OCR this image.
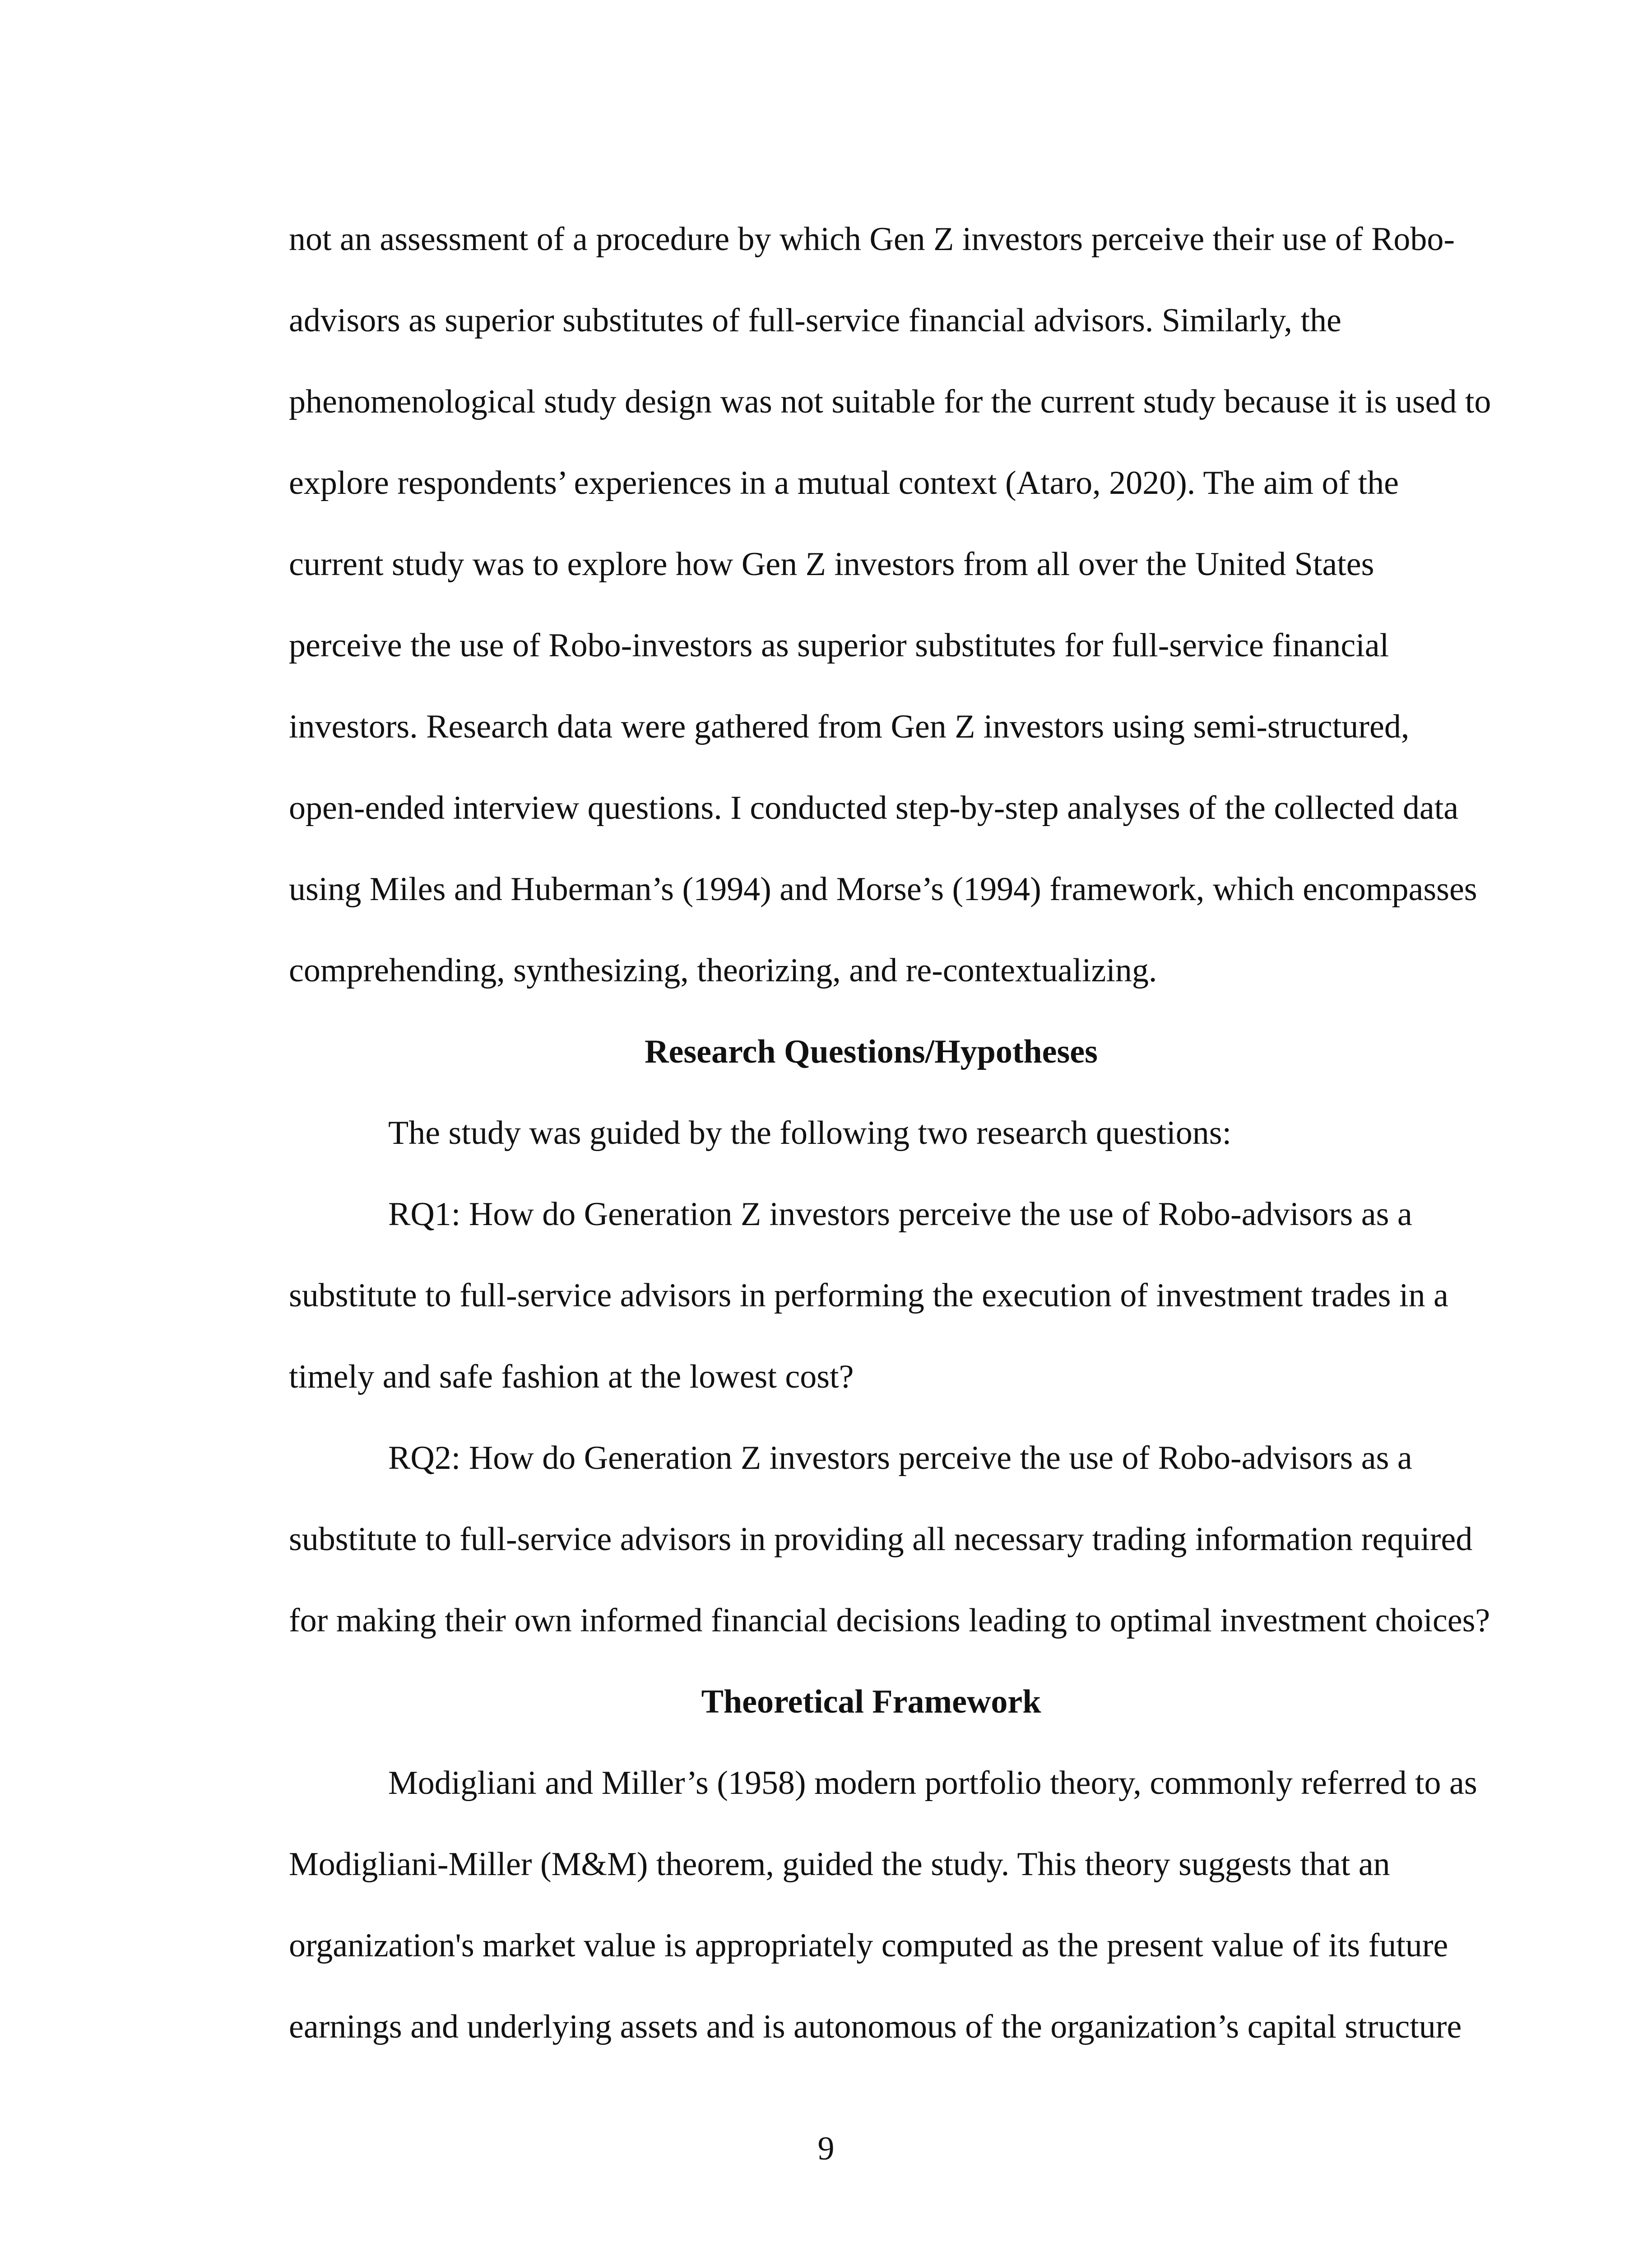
not an assessment of a procedure by which Gen Z investors perceive their use of Robo-
advisors as superior substitutes of full-service financial advisors. Similarly, the
phenomenological study design was not suitable for the current study because it is used to
explore respondents’ experiences in a mutual context (Ataro, 2020). The aim of the
current study was to explore how Gen Z investors from all over the United States
perceive the use of Robo-investors as superior substitutes for full-service financial
investors. Research data were gathered from Gen Z investors using semi-structured,
open-ended interview questions. I conducted step-by-step analyses of the collected data
using Miles and Huberman’s (1994) and Morse’s (1994) framework, which encompasses
comprehending, synthesizing, theorizing, and re-contextualizing.
Research Questions/Hypotheses
The study was guided by the following two research questions:
RQ1: How do Generation Z investors perceive the use of Robo-advisors as a
substitute to full-service advisors in performing the execution of investment trades in a
timely and safe fashion at the lowest cost?
RQ2: How do Generation Z investors perceive the use of Robo-advisors as a
substitute to full-service advisors in providing all necessary trading information required
for making their own informed financial decisions leading to optimal investment choices?
Theoretical Framework
Modigliani and Miller’s (1958) modern portfolio theory, commonly referred to as
Modigliani-Miller (M&M) theorem, guided the study. This theory suggests that an
organization's market value is appropriately computed as the present value of its future
earnings and underlying assets and is autonomous of the organization’s capital structure
9
